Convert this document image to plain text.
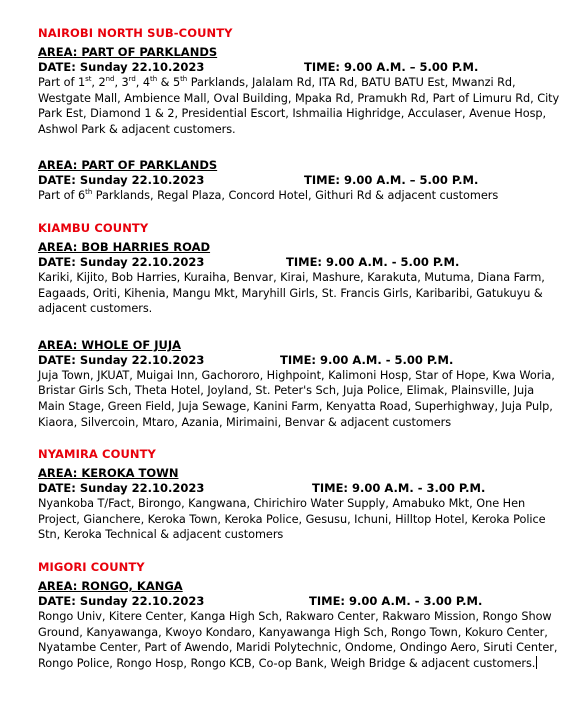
NAIROBI NORTH SUB-COUNTY
AREA: PART OF PARKLANDS
DATE: Sunday 22.10.2023	TIME: 9.00 A.M. – 5.00 P.M.

Part of 1st, 2nd, 3rd, 4th & 5th Parklands, Jalalam Rd, ITA Rd, BATU BATU Est, Mwanzi Rd, Westgate Mall, Ambience Mall, Oval Building, Mpaka Rd, Pramukh Rd, Part of Limuru Rd, City Park Est, Diamond 1 & 2, Presidential Escort, Ishmailia Highridge, Acculaser, Avenue Hosp, Ashwol Park & adjacent customers.

AREA: PART OF PARKLANDS
DATE: Sunday 22.10.2023	TIME: 9.00 A.M. – 5.00 P.M.

Part of 6th Parklands, Regal Plaza, Concord Hotel, Githuri Rd & adjacent customers

KIAMBU COUNTY
AREA: BOB HARRIES ROAD
DATE: Sunday 22.10.2023	TIME: 9.00 A.M. - 5.00 P.M.

Kariki, Kijito, Bob Harries, Kuraiha, Benvar, Kirai, Mashure, Karakuta, Mutuma, Diana Farm, Eagaads, Oriti, Kihenia, Mangu Mkt, Maryhill Girls, St. Francis Girls, Karibaribi, Gatukuyu & adjacent customers.

AREA: WHOLE OF JUJA
DATE: Sunday 22.10.2023	TIME: 9.00 A.M. - 5.00 P.M.

Juja Town, JKUAT, Muigai Inn, Gachororo, Highpoint, Kalimoni Hosp, Star of Hope, Kwa Woria, Bristar Girls Sch, Theta Hotel, Joyland, St. Peter's Sch, Juja Police, Elimak, Plainsville, Juja Main Stage, Green Field, Juja Sewage, Kanini Farm, Kenyatta Road, Superhighway, Juja Pulp, Kiaora, Silvercoin, Mtaro, Azania, Mirimaini, Benvar & adjacent customers

NYAMIRA COUNTY
AREA: KEROKA TOWN
DATE: Sunday 22.10.2023	TIME: 9.00 A.M. - 3.00 P.M.

Nyankoba T/Fact, Birongo, Kangwana, Chirichiro Water Supply, Amabuko Mkt, One Hen Project, Gianchere, Keroka Town, Keroka Police, Gesusu, Ichuni, Hilltop Hotel, Keroka Police Stn, Keroka Technical & adjacent customers

MIGORI COUNTY
AREA: RONGO, KANGA
DATE: Sunday 22.10.2023	TIME: 9.00 A.M. - 3.00 P.M.

Rongo Univ, Kitere Center, Kanga High Sch, Rakwaro Center, Rakwaro Mission, Rongo Show Ground, Kanyawanga, Kwoyo Kondaro, Kanyawanga High Sch, Rongo Town, Kokuro Center, Nyatambe Center, Part of Awendo, Maridi Polytechnic, Ondome, Ondingo Aero, Siruti Center, Rongo Police, Rongo Hosp, Rongo KCB, Co-op Bank, Weigh Bridge & adjacent customers.
